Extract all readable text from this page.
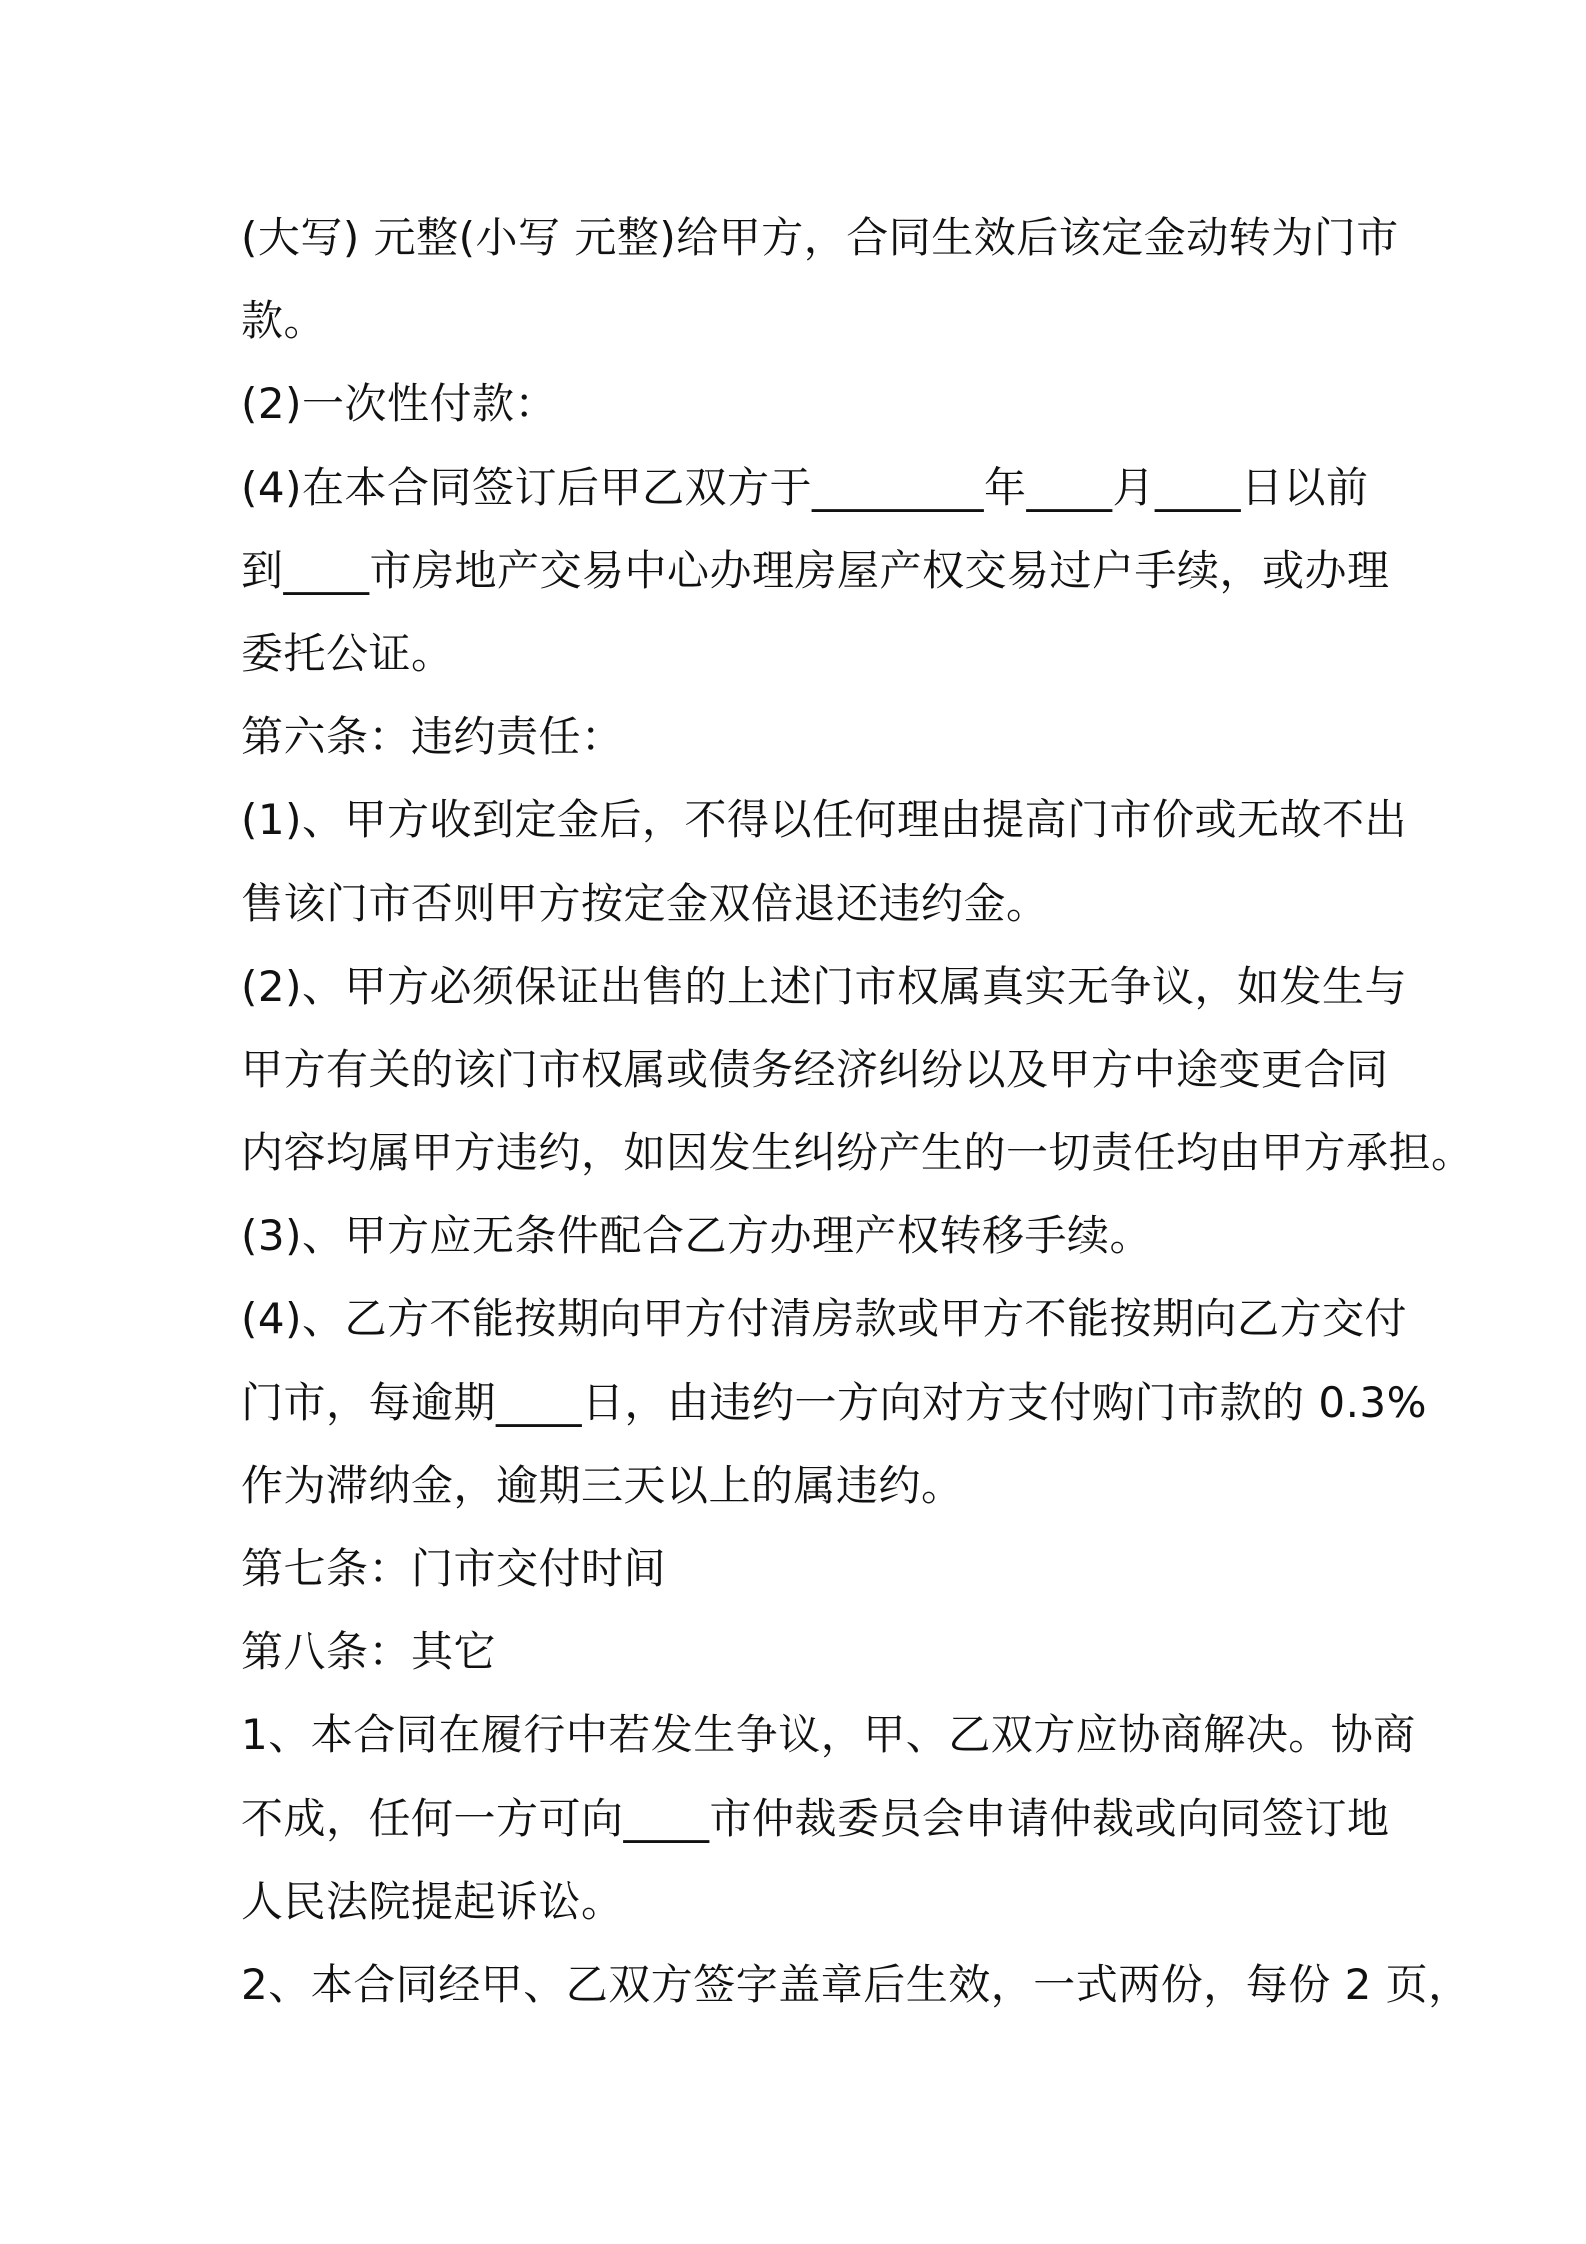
(大写) 元整(小写 元整)给甲方，合同生效后该定金动转为门市
款。
(2)一次性付款：
(4)在本合同签订后甲乙双方于________年____月____日以前
到____市房地产交易中心办理房屋产权交易过户手续，或办理
委托公证。
第六条：违约责任：
(1)、甲方收到定金后，不得以任何理由提高门市价或无故不出
售该门市否则甲方按定金双倍退还违约金。
(2)、甲方必须保证出售的上述门市权属真实无争议，如发生与
甲方有关的该门市权属或债务经济纠纷以及甲方中途变更合同
内容均属甲方违约，如因发生纠纷产生的一切责任均由甲方承担。
(3)、甲方应无条件配合乙方办理产权转移手续。
(4)、乙方不能按期向甲方付清房款或甲方不能按期向乙方交付
门市，每逾期____日，由违约一方向对方支付购门市款的 0.3%
作为滞纳金，逾期三天以上的属违约。
第七条：门市交付时间
第八条：其它
1、本合同在履行中若发生争议，甲、乙双方应协商解决。协商
不成，任何一方可向____市仲裁委员会申请仲裁或向同签订地
人民法院提起诉讼。
2、本合同经甲、乙双方签字盖章后生效，一式两份，每份 2 页，
